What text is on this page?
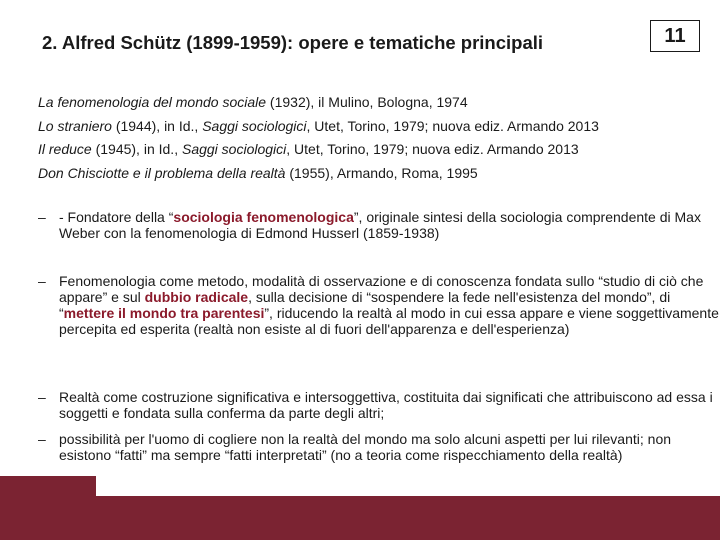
2. Alfred Schütz (1899-1959): opere e tematiche principali	11
La fenomenologia del mondo sociale (1932), il Mulino, Bologna, 1974
Lo straniero (1944), in Id., Saggi sociologici, Utet, Torino, 1979; nuova ediz. Armando 2013
Il reduce (1945), in Id., Saggi sociologici, Utet, Torino, 1979; nuova ediz. Armando 2013
Don Chisciotte e il problema della realtà (1955), Armando, Roma, 1995
– - Fondatore della “sociologia fenomenologica”, originale sintesi della sociologia comprendente di Max Weber con la fenomenologia di Edmond Husserl (1859-1938)
– Fenomenologia come metodo, modalità di osservazione e di conoscenza fondata sullo “studio di ciò che appare” e sul dubbio radicale, sulla decisione di “sospendere la fede nell'esistenza del mondo”, di “mettere il mondo tra parentesi”, riducendo la realtà al modo in cui essa appare e viene soggettivamente percepita ed esperita (realtà non esiste al di fuori dell'apparenza e dell'esperienza)
– Realtà come costruzione significativa e intersoggettiva, costituita dai significati che attribuiscono ad essa i soggetti e fondata sulla conferma da parte degli altri;
– possibilità per l'uomo di cogliere non la realtà del mondo ma solo alcuni aspetti per lui rilevanti; non esistono “fatti” ma sempre “fatti interpretati” (no a teoria come rispecchiamento della realtà)
